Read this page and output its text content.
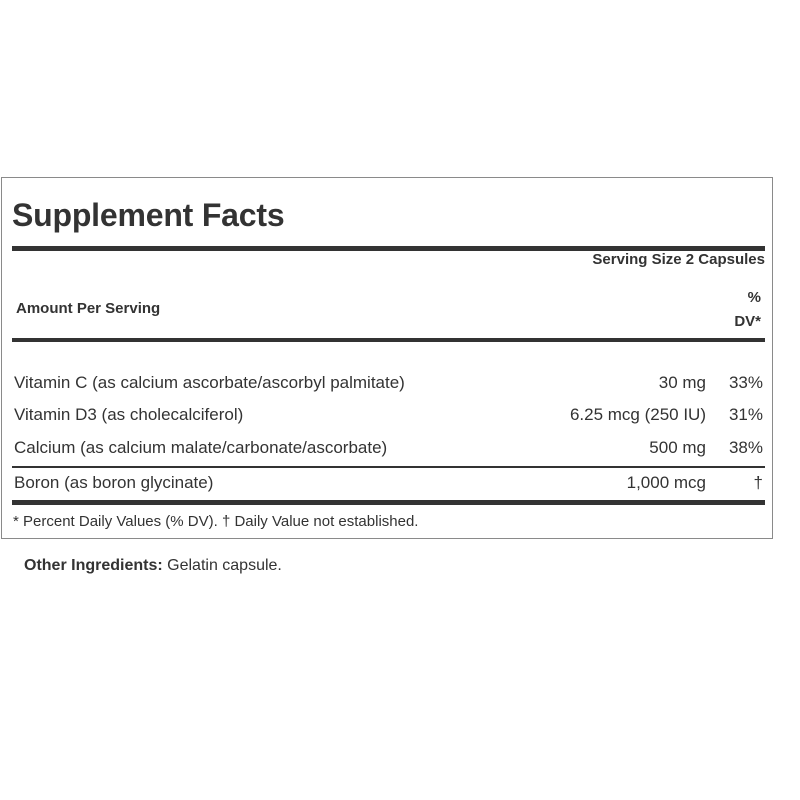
Supplement Facts
Serving Size 2 Capsules
Amount Per Serving
%
DV*
Vitamin C (as calcium ascorbate/ascorbyl palmitate)	30 mg 33%
Vitamin D3 (as cholecalciferol)	6.25 mcg (250 IU) 31%
Calcium (as calcium malate/carbonate/ascorbate)	500 mg 38%
Boron (as boron glycinate)	1,000 mcg	†
* Percent Daily Values (% DV). † Daily Value not established.
Other Ingredients: Gelatin capsule.
